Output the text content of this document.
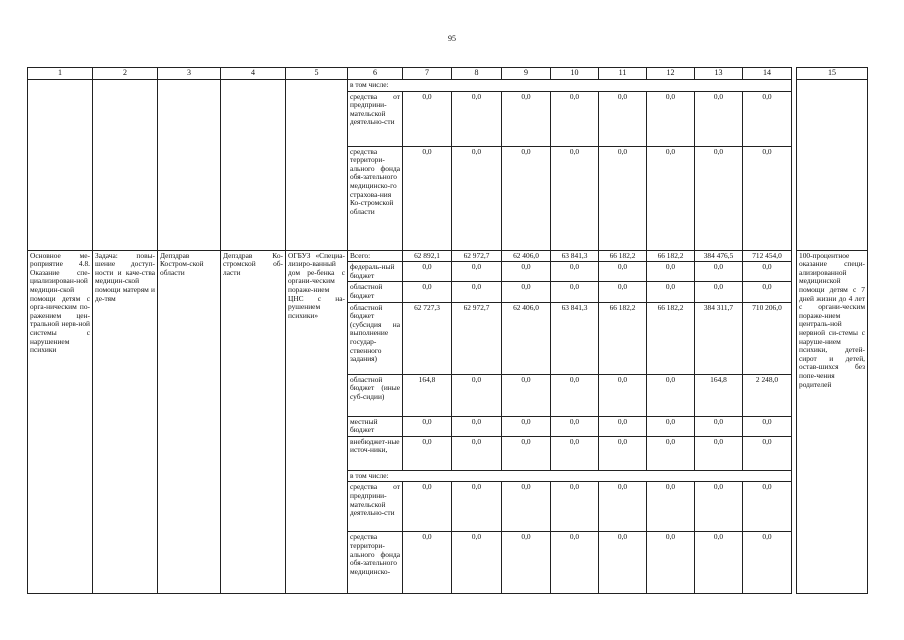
95
1	2	3	4	5	6	7	8	9	10	11	12	13	14		15
					в том числе:										
					средства от предприни-мательской деятельно-сти	0,0	0,0	0,0	0,0	0,0	0,0	0,0	0,0		
					средства территори-ального фонда обя-зательного медицинско-го страхова-ния Ко-стромской области	0,0	0,0	0,0	0,0	0,0	0,0	0,0	0,0		
Основное ме-роприятие 4.8. Оказание спе-циализирован-ной медицин-ской помощи детям с орга-ническим по-ражением цен-тральной нерв-ной системы с нарушением психики	Задача: повы-шение доступ-ности и каче-ства медицин-ской помощи матерям и де-тям	Депздрав Костром-ской области	Депздрав Ко-стромской об-ласти	ОГБУЗ «Специа-лизиро-ванный дом ре-бенка с органи-ческим пораже-нием ЦНС с на-рушением психики»	Всего:	62 892,1	62 972,7	62 406,0	63 841,3	66 182,2	66 182,2	384 476,5	712 454,0		100-процентное оказание специ-ализированной медицинской помощи детям с 7 дней жизни до 4 лет с органи-ческим пораже-нием централь-ной нервной си-стемы с наруше-нием психики, детей-сирот и детей, остав-шихся без попе-чения родителей
					федераль-ный бюджет	0,0	0,0	0,0	0,0	0,0	0,0	0,0	0,0		
					областной бюджет	0,0	0,0	0,0	0,0	0,0	0,0	0,0	0,0		
					областной бюджет (субсидия на выполнение государ-ственного задания)	62 727,3	62 972,7	62 406,0	63 841,3	66 182,2	66 182,2	384 311,7	710 206,0		
					областной бюджет (иные суб-сидии)	164,8	0,0	0,0	0,0	0,0	0,0	164,8	2 248,0		
					местный бюджет	0,0	0,0	0,0	0,0	0,0	0,0	0,0	0,0		
					внебюджет-ные источ-ники,	0,0	0,0	0,0	0,0	0,0	0,0	0,0	0,0		
					в том числе:										
					средства от предприни-мательской деятельно-сти	0,0	0,0	0,0	0,0	0,0	0,0	0,0	0,0		
					средства территори-ального фонда обя-зательного медицинско-	0,0	0,0	0,0	0,0	0,0	0,0	0,0	0,0		
